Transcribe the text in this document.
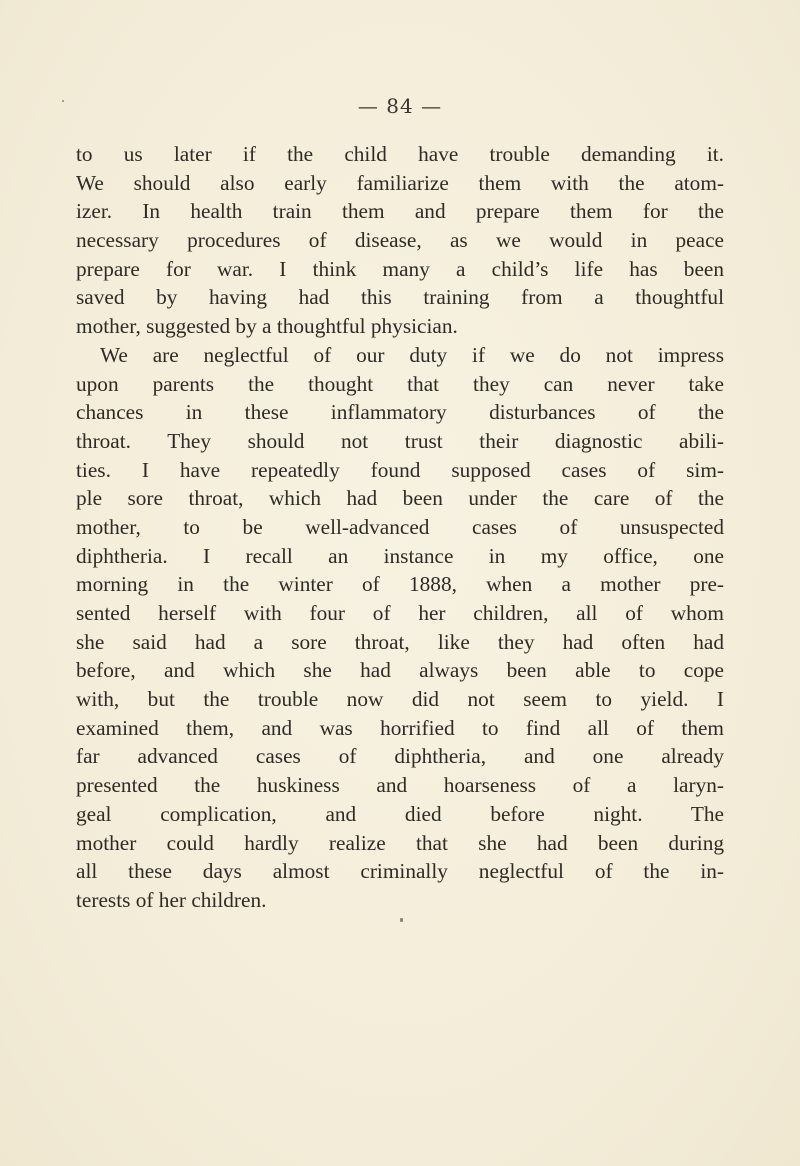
— 84 —
to us later if the child have trouble demanding it.
We should also early familiarize them with the atom-
izer. In health train them and prepare them for the
necessary procedures of disease, as we would in peace
prepare for war. I think many a child’s life has been
saved by having had this training from a thoughtful
mother, suggested by a thoughtful physician.
We are neglectful of our duty if we do not impress
upon parents the thought that they can never take
chances in these inflammatory disturbances of the
throat. They should not trust their diagnostic abili-
ties. I have repeatedly found supposed cases of sim-
ple sore throat, which had been under the care of the
mother, to be well-advanced cases of unsuspected
diphtheria. I recall an instance in my office, one
morning in the winter of 1888, when a mother pre-
sented herself with four of her children, all of whom
she said had a sore throat, like they had often had
before, and which she had always been able to cope
with, but the trouble now did not seem to yield. I
examined them, and was horrified to find all of them
far advanced cases of diphtheria, and one already
presented the huskiness and hoarseness of a laryn-
geal complication, and died before night. The
mother could hardly realize that she had been during
all these days almost criminally neglectful of the in-
terests of her children.
